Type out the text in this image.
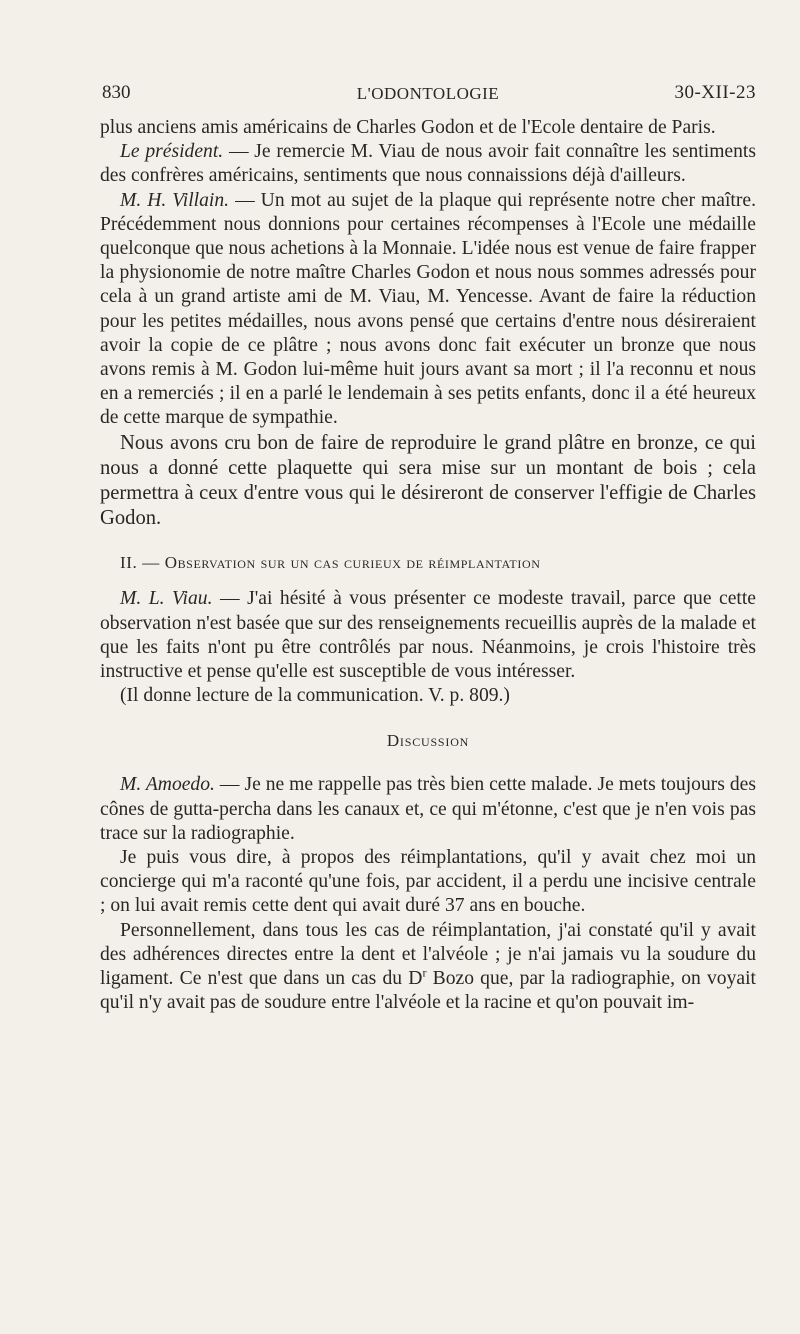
830	L'ODONTOLOGIE	30-XII-23

plus anciens amis américains de Charles Godon et de l'Ecole dentaire de Paris.

Le président. — Je remercie M. Viau de nous avoir fait connaître les sentiments des confrères américains, sentiments que nous connaissions déjà d'ailleurs.

M. H. Villain. — Un mot au sujet de la plaque qui représente notre cher maître. Précédemment nous donnions pour certaines récompenses à l'Ecole une médaille quelconque que nous achetions à la Monnaie. L'idée nous est venue de faire frapper la physionomie de notre maître Charles Godon et nous nous sommes adressés pour cela à un grand artiste ami de M. Viau, M. Yencesse. Avant de faire la réduction pour les petites médailles, nous avons pensé que certains d'entre nous désireraient avoir la copie de ce plâtre ; nous avons donc fait exécuter un bronze que nous avons remis à M. Godon lui-même huit jours avant sa mort ; il l'a reconnu et nous en a remerciés ; il en a parlé le lendemain à ses petits enfants, donc il a été heureux de cette marque de sympathie.

Nous avons cru bon de faire de reproduire le grand plâtre en bronze, ce qui nous a donné cette plaquette qui sera mise sur un montant de bois ; cela permettra à ceux d'entre vous qui le désireront de conserver l'effigie de Charles Godon.

II. — Observation sur un cas curieux de réimplantation

M. L. Viau. — J'ai hésité à vous présenter ce modeste travail, parce que cette observation n'est basée que sur des renseignements recueillis auprès de la malade et que les faits n'ont pu être contrôlés par nous. Néanmoins, je crois l'histoire très instructive et pense qu'elle est susceptible de vous intéresser.

(Il donne lecture de la communication. V. p. 809.)

Discussion

M. Amoedo. — Je ne me rappelle pas très bien cette malade. Je mets toujours des cônes de gutta-percha dans les canaux et, ce qui m'étonne, c'est que je n'en vois pas trace sur la radiographie.

Je puis vous dire, à propos des réimplantations, qu'il y avait chez moi un concierge qui m'a raconté qu'une fois, par accident, il a perdu une incisive centrale ; on lui avait remis cette dent qui avait duré 37 ans en bouche.

Personnellement, dans tous les cas de réimplantation, j'ai constaté qu'il y avait des adhérences directes entre la dent et l'alvéole ; je n'ai jamais vu la soudure du ligament. Ce n'est que dans un cas du $D^r$ Bozo que, par la radiographie, on voyait qu'il n'y avait pas de soudure entre l'alvéole et la racine et qu'on pouvait im-
